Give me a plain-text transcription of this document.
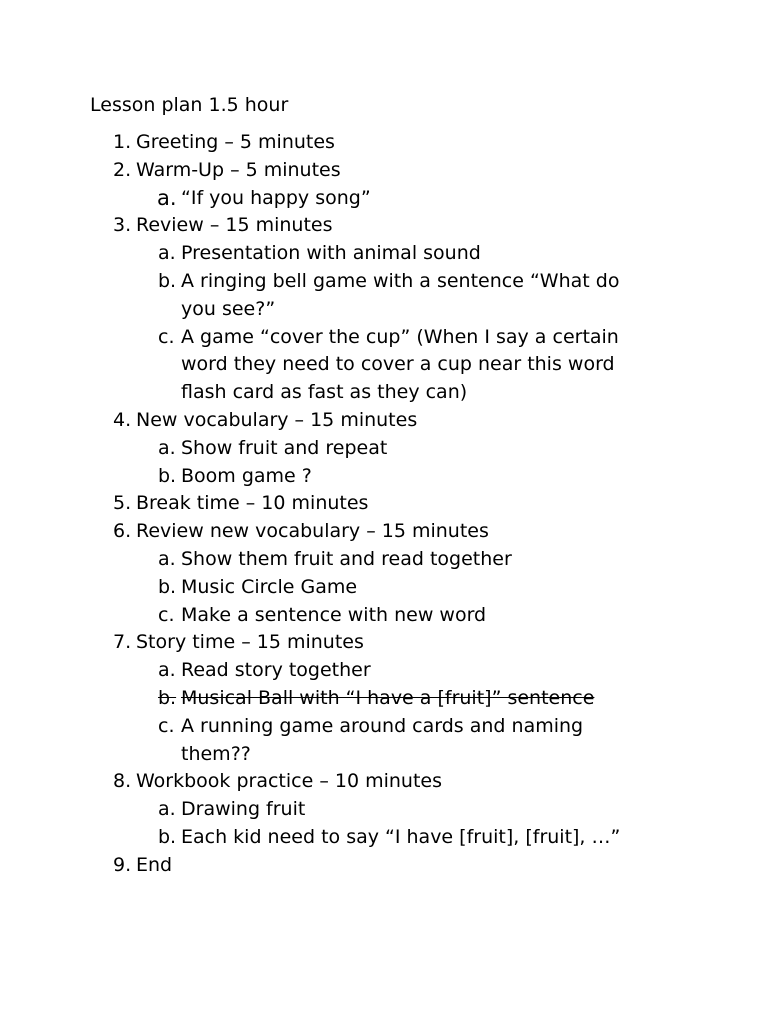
Lesson plan 1.5 hour
1. Greeting – 5 minutes
2. Warm-Up – 5 minutes
a. “If you happy song”
3. Review – 15 minutes
a. Presentation with animal sound
b. A ringing bell game with a sentence “What do you see?”
c. A game “cover the cup” (When I say a certain word they need to cover a cup near this word flash card as fast as they can)
4. New vocabulary – 15 minutes
a. Show fruit and repeat
b. Boom game ?
5. Break time – 10 minutes
6. Review new vocabulary – 15 minutes
a. Show them fruit and read together
b. Music Circle Game
c. Make a sentence with new word
7. Story time – 15 minutes
a. Read story together
b. Musical Ball with “I have a [fruit]” sentence
c. A running game around cards and naming them??
8. Workbook practice – 10 minutes
a. Drawing fruit
b. Each kid need to say “I have [fruit], [fruit], …”
9. End
